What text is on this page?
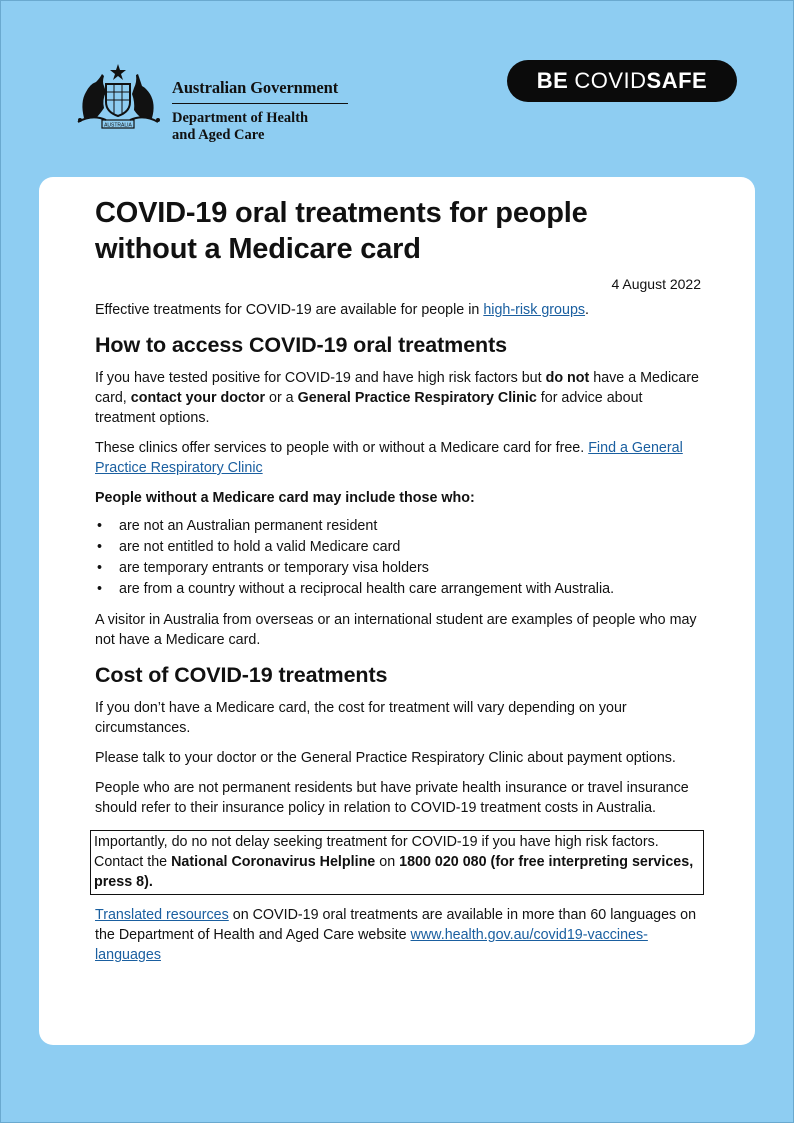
AUSTRALIA
Australian Government
Department of Health
and Aged Care
BE COVID SAFE
COVID-19 oral treatments for people
without a Medicare card
4 August 2022

Effective treatments for COVID-19 are available for people in high-risk groups.

How to access COVID-19 oral treatments

If you have tested positive for COVID-19 and have high risk factors but do not have a Medicare card, contact your doctor or a General Practice Respiratory Clinic for advice about treatment options.

These clinics offer services to people with or without a Medicare card for free. Find a General Practice Respiratory Clinic

People without a Medicare card may include those who:

• are not an Australian permanent resident
• are not entitled to hold a valid Medicare card
• are temporary entrants or temporary visa holders
• are from a country without a reciprocal health care arrangement with Australia.

A visitor in Australia from overseas or an international student are examples of people who may not have a Medicare card.

Cost of COVID-19 treatments

If you don’t have a Medicare card, the cost for treatment will vary depending on your circumstances.

Please talk to your doctor or the General Practice Respiratory Clinic about payment options.

People who are not permanent residents but have private health insurance or travel insurance should refer to their insurance policy in relation to COVID-19 treatment costs in Australia.

Importantly, do no not delay seeking treatment for COVID-19 if you have high risk factors. Contact the National Coronavirus Helpline on 1800 020 080 (for free interpreting services, press 8).

Translated resources on COVID-19 oral treatments are available in more than 60 languages on the Department of Health and Aged Care website www.health.gov.au/covid19-vaccines-languages
